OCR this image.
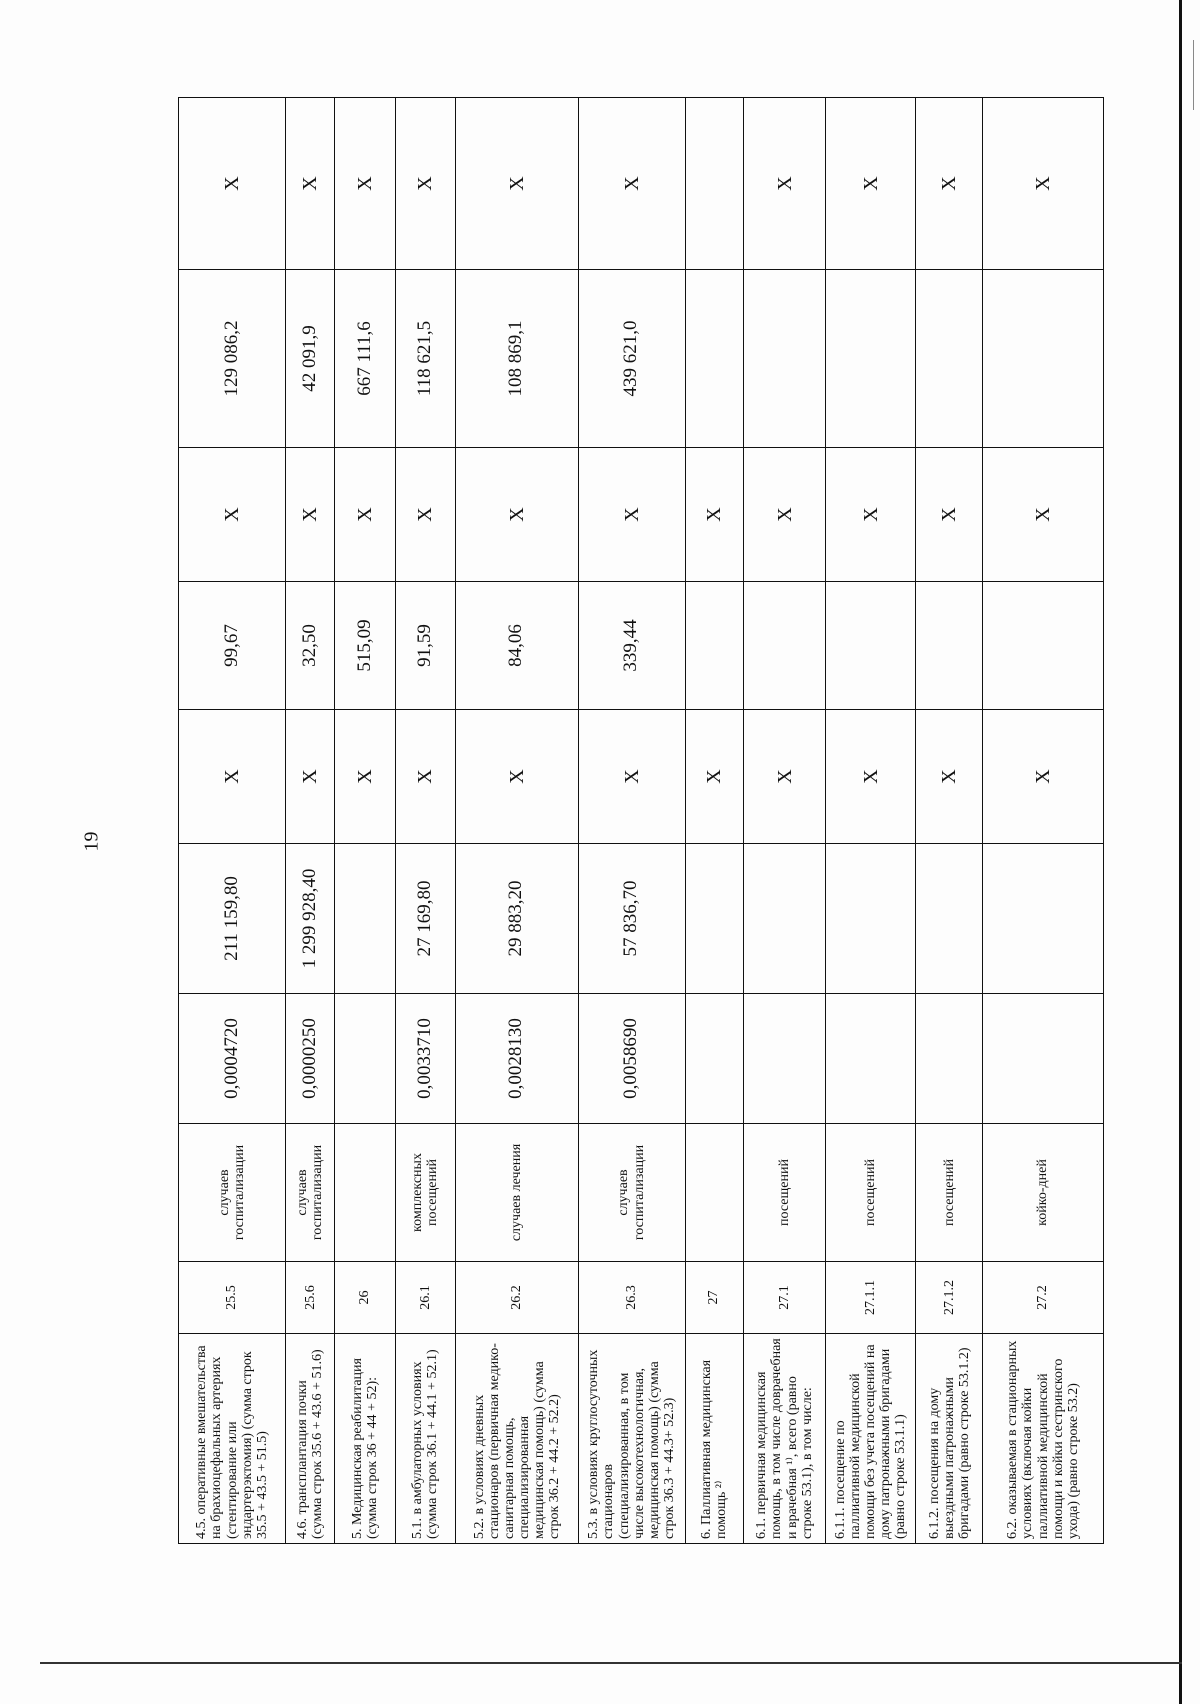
19
4.5. оперативные вмешательства на брахиоцефальных артериях (стентирование или эндартерэктомия) (сумма строк 35.5 + 43.5 + 51.5)	25.5	случаев госпитализации	0,0004720	211 159,80	X	99,67	X	129 086,2	X
4.6. трансплантация почки (сумма строк 35.6 + 43.6 + 51.6)	25.6	случаев госпитализации	0,0000250	1 299 928,40	X	32,50	X	42 091,9	X
5. Медицинская реабилитация (сумма строк 36 + 44 + 52):	26				X	515,09	X	667 111,6	X
5.1. в амбулаторных условиях (сумма строк 36.1 + 44.1 + 52.1)	26.1	комплексных посещений	0,0033710	27 169,80	X	91,59	X	118 621,5	X
5.2. в условиях дневных стационаров (первичная медико-санитарная помощь, специализированная медицинская помощь) (сумма строк 36.2 + 44.2 + 52.2)	26.2	случаев лечения	0,0028130	29 883,20	X	84,06	X	108 869,1	X
5.3. в условиях круглосуточных стационаров (специализированная, в том числе высокотехнологичная, медицинская помощь) (сумма строк 36.3 + 44.3+ 52.3)	26.3	случаев госпитализации	0,0058690	57 836,70	X	339,44	X	439 621,0	X
6. Паллиативная медицинская помощь ²⁾	27				X		X		
6.1. первичная медицинская помощь, в том числе доврачебная и врачебная ¹⁾, всего (равно строке 53.1), в том числе:	27.1	посещений			X		X		X
6.1.1. посещение по паллиативной медицинской помощи без учета посещений на дому патронажными бригадами (равно строке 53.1.1)	27.1.1	посещений			X		X		X
6.1.2. посещения на дому выездными патронажными бригадами (равно строке 53.1.2)	27.1.2	посещений			X		X		X
6.2. оказываемая в стационарных условиях (включая койки паллиативной медицинской помощи и койки сестринского ухода) (равно строке 53.2)	27.2	койко-дней			X		X		X
